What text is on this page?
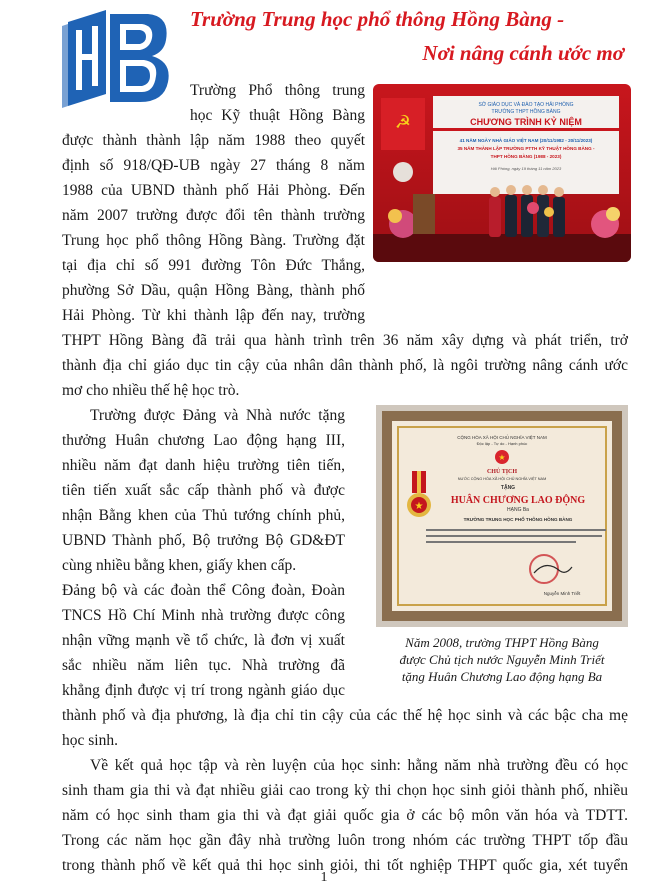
Trường Trung học phổ thông Hồng Bàng -
Nơi nâng cánh ước mơ
Trường Phổ thông trung
học Kỹ thuật Hồng Bàng
được thành thành lập năm 1988 theo quyết
định số 918/QĐ-UB ngày 27 tháng 8 năm
1988 của UBND thành phố Hải Phòng. Đến
năm 2007 trường được đổi tên thành trường
Trung học phổ thông Hồng Bàng. Trường đặt
tại địa chỉ số 991 đường Tôn Đức Thắng,
phường Sở Dầu, quận Hồng Bàng, thành phố
Hải Phòng. Từ khi thành lập đến nay, trường
THPT Hồng Bàng đã trải qua hành trình trên 36 năm xây dựng và phát triển, trở
thành địa chỉ giáo dục tin cậy của nhân dân thành phố, là ngôi trường nâng cánh ước
mơ cho nhiều thế hệ học trò.
☭
SỞ GIÁO DỤC VÀ ĐÀO TẠO HẢI PHÒNG
TRƯỜNG THPT HỒNG BÀNG
CHƯƠNG TRÌNH KỶ NIỆM
41 NĂM NGÀY NHÀ GIÁO VIỆT NAM (20/11/1982 - 20/11/2023)
35 NĂM THÀNH LẬP TRƯỜNG PTTH KỸ THUẬT HỒNG BÀNG -
THPT HỒNG BÀNG (1988 - 2023)
Hải Phòng, ngày 19 tháng 11 năm 2023
Trường được Đảng và Nhà nước tặng
thưởng Huân chương Lao động hạng III,
nhiều năm đạt danh hiệu trường tiên tiến,
tiên tiến xuất sắc cấp thành phố và được
nhận Bằng khen của Thủ tướng chính phủ,
UBND Thành phố, Bộ trưởng Bộ GD&ĐT
cùng nhiều bằng khen, giấy khen cấp.
Đảng bộ và các đoàn thể Công đoàn, Đoàn
TNCS Hồ Chí Minh nhà trường được công
nhận vững mạnh về tổ chức, là đơn vị xuất
sắc nhiều năm liên tục. Nhà trường đã
khẳng định được vị trí trong ngành giáo dục
thành phố và địa phương, là địa chỉ tin cậy của các thế hệ học sinh và các bậc cha mẹ
học sinh.
CỘNG HÒA XÃ HỘI CHỦ NGHĨA VIỆT NAM
Độc lập - Tự do - Hạnh phúc
★
CHỦ TỊCH
NƯỚC CỘNG HÒA XÃ HỘI CHỦ NGHĨA VIỆT NAM
TẶNG
HUÂN CHƯƠNG LAO ĐỘNG
HẠNG Ba
TRƯỜNG TRUNG HỌC PHỔ THÔNG HỒNG BÀNG
★
Nguyễn Minh Triết
Năm 2008, trường THPT Hồng Bàng
được Chủ tịch nước Nguyễn Minh Triết
tặng Huân Chương Lao động hạng Ba
Về kết quả học tập và rèn luyện của học sinh: hằng năm nhà trường đều có học
sinh tham gia thi và đạt nhiều giải cao trong kỳ thi chọn học sinh giỏi thành phố, nhiều
năm có học sinh tham gia thi và đạt giải quốc gia ở các bộ môn văn hóa và TDTT.
Trong các năm học gần đây nhà trường luôn trong nhóm các trường THPT tốp đầu
trong thành phố về kết quả thi học sinh giỏi, thi tốt nghiệp THPT quốc gia, xét tuyển
1
